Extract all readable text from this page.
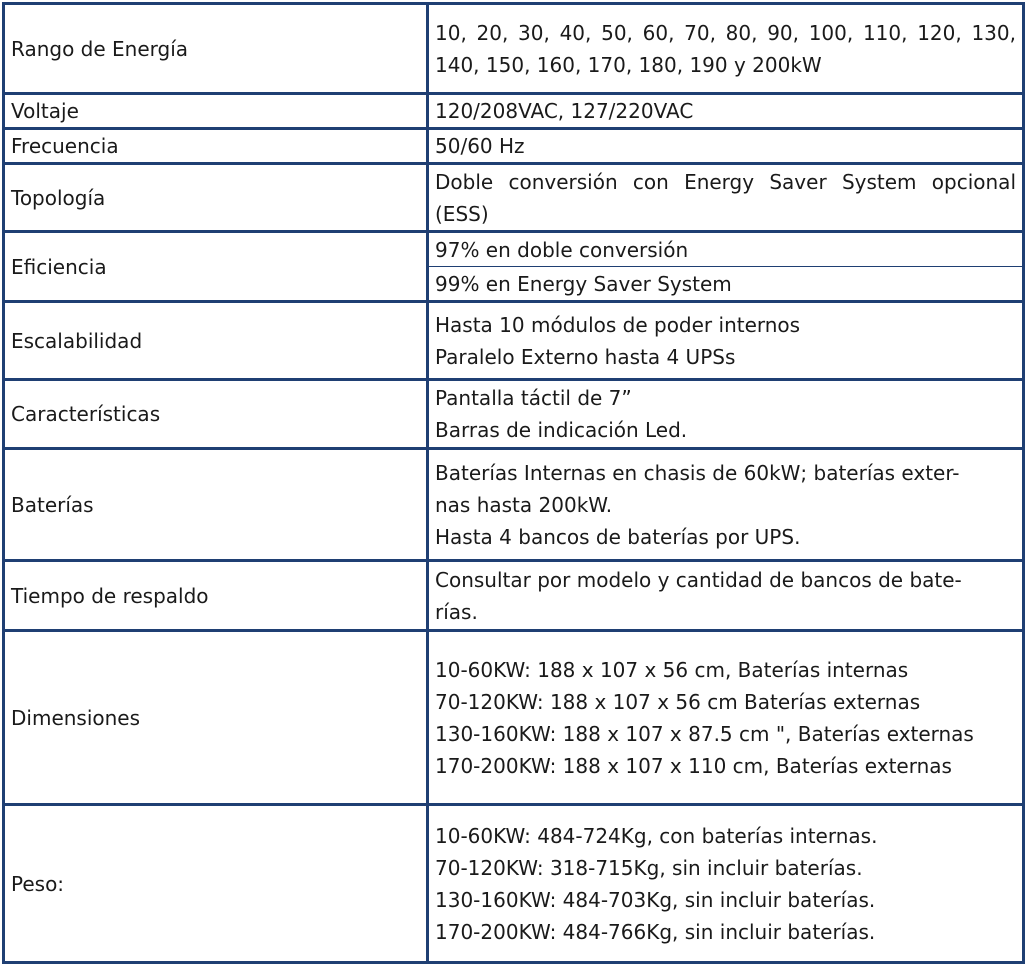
Rango de Energía	10, 20, 30, 40, 50, 60, 70, 80, 90, 100, 110, 120, 130, 140, 150, 160, 170, 180, 190 y 200kW
Voltaje	120/208VAC, 127/220VAC
Frecuencia	50/60 Hz
Topología	Doble conversión con Energy Saver System opcional (ESS)
Eficiencia	97% en doble conversión
	99% en Energy Saver System
Escalabilidad	Hasta 10 módulos de poder internos
Paralelo Externo hasta 4 UPSs

Características	Pantalla táctil de 7”
Barras de indicación Led.

Baterías	Baterías Internas en chasis de 60kW; baterías exter-
nas hasta 200kW.
Hasta 4 bancos de baterías por UPS.

Tiempo de respaldo	Consultar por modelo y cantidad de bancos de bate-
rías.

Dimensiones	10-60KW: 188 x 107 x 56 cm, Baterías internas
70-120KW: 188 x 107 x 56 cm Baterías externas
130-160KW: 188 x 107 x 87.5 cm ", Baterías externas
170-200KW: 188 x 107 x 110 cm, Baterías externas

Peso:	10-60KW: 484-724Kg, con baterías internas.
70-120KW: 318-715Kg, sin incluir baterías.
130-160KW: 484-703Kg, sin incluir baterías.
170-200KW: 484-766Kg, sin incluir baterías.
